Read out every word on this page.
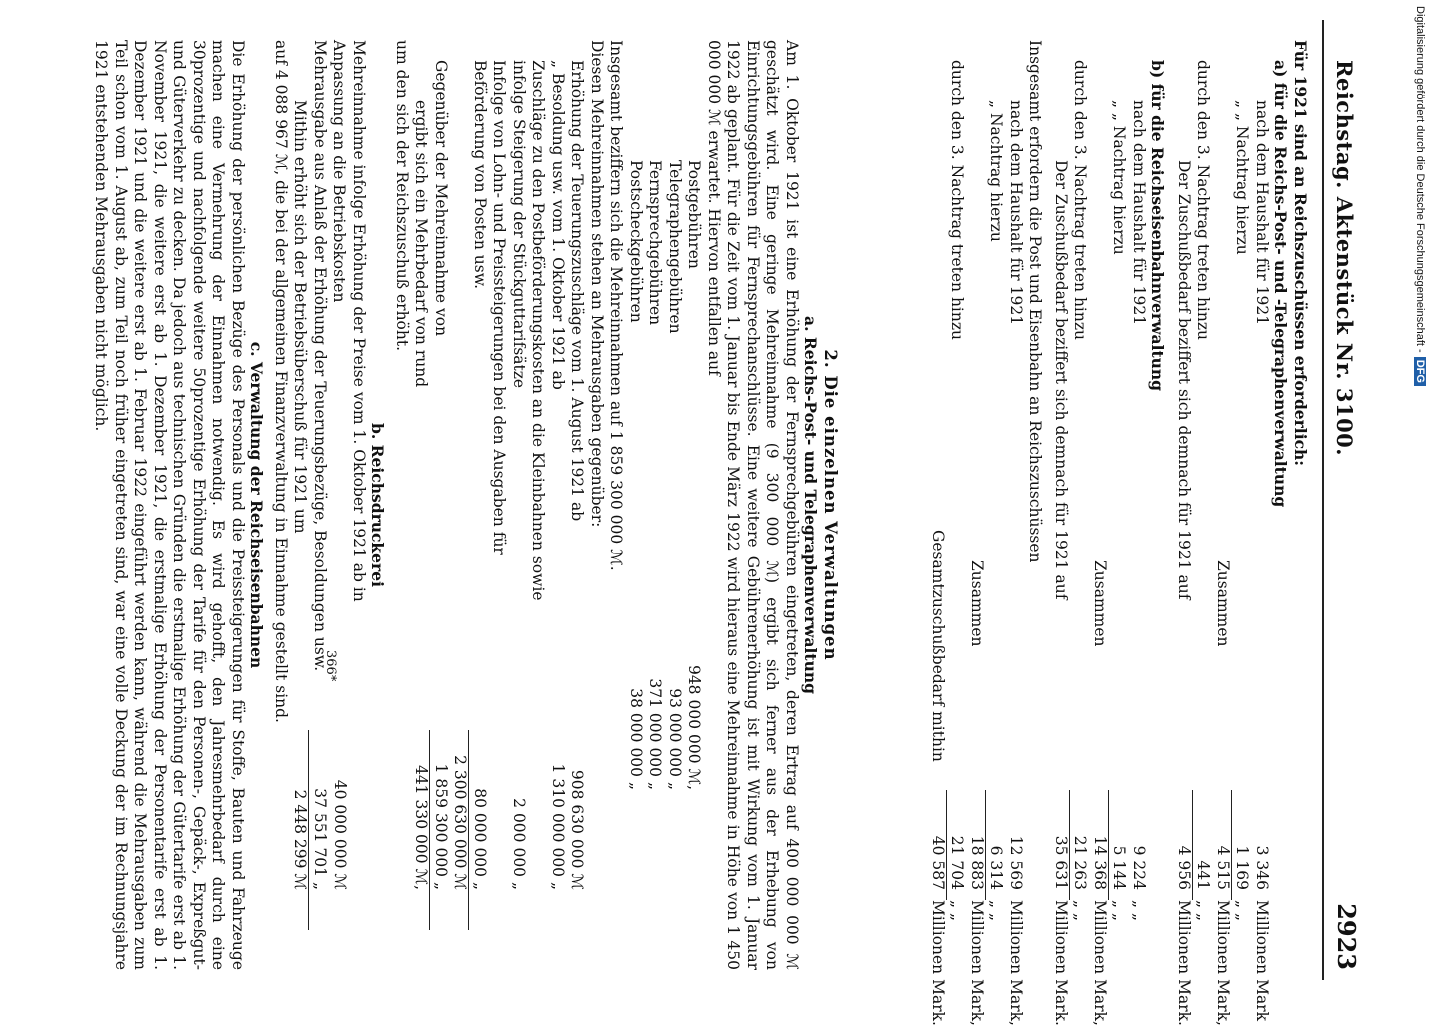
Reichstag. Aktenstück Nr. 3100.
2923
Für 1921 sind an Reichszuschüssen erforderlich:
a) für die Reichs-Post- und -Telegraphenverwaltung
nach dem Haushalt für 1921
3 346
Millionen Mark
„ „ Nachtrag hierzu
1 169
„ „
Zusammen
4 515
Millionen Mark,
durch den 3. Nachtrag treten hinzu
441
„ „
Der Zuschußbedarf beziffert sich demnach für 1921 auf
4 956
Millionen Mark.
b) für die Reichseisenbahnverwaltung
nach dem Haushalt für 1921
9 224
„ „
„ „ Nachtrag hierzu
5 144
„ „
Zusammen
14 368
Millionen Mark,
durch den 3. Nachtrag treten hinzu
21 263
„ „
Der Zuschußbedarf beziffert sich demnach für 1921 auf
35 631
Millionen Mark.
Insgesamt erfordern die Post und Eisenbahn an Reichszuschüssen
nach dem Haushalt für 1921
12 569
Millionen Mark,
„ Nachtrag hierzu
6 314
„ „
Zusammen
18 883
Millionen Mark,
durch den 3. Nachtrag treten hinzu
21 704
„ „
Gesamtzuschußbedarf mithin
40 587
Millionen Mark.
2. Die einzelnen Verwaltungen
a. Reichs-Post- und Telegraphenverwaltung
Am 1. Oktober 1921 ist eine Erhöhung der Fernsprechgebühren eingetreten, deren Ertrag auf 400 000 000 ℳ geschätzt wird. Eine geringe Mehreinnahme (9 300 000 ℳ) ergibt sich ferner aus der Erhebung von Einrichtungsgebühren für Fernsprechanschlüsse. Eine weitere Gebührenerhöhung ist mit Wirkung vom 1. Januar 1922 ab geplant. Für die Zeit vom 1. Januar bis Ende März 1922 wird hieraus eine Mehreinnahme in Höhe von 1 450 000 000 ℳ erwartet. Hiervon entfallen auf
Postgebühren
948 000 000 ℳ,
Telegraphengebühren
93 000 000 „
Fernsprechgebühren
371 000 000 „
Postscheckgebühren
38 000 000 „
Insgesamt beziffern sich die Mehreinnahmen auf 1 859 300 000 ℳ.
Diesen Mehreinnahmen stehen an Mehrausgaben gegenüber:
Erhöhung der Teuerungszuschläge vom 1. August 1921 ab
908 630 000 ℳ
„ Besoldung usw. vom 1. Oktober 1921 ab
1 310 000 000 „
Zuschläge zu den Postbeförderungskosten an die Kleinbahnen sowie infolge Steigerung der Stückguttarifsätze
2 000 000 „
Infolge von Lohn- und Preissteigerungen bei den Ausgaben für Beförderung von Posten usw.
80 000 000 „
2 300 630 000 ℳ
Gegenüber der Mehreinnahme von
1 859 300 000 „
ergibt sich ein Mehrbedarf von rund
441 330 000 ℳ,
um den sich der Reichszuschuß erhöht.
b. Reichsdruckerei
Mehreinnahme infolge Erhöhung der Preise vom 1. Oktober 1921 ab in Anpassung an die Betriebskosten
40 000 000 ℳ
Mehrausgabe aus Anlaß der Erhöhung der Teuerungsbezüge, Besoldungen usw.
37 551 701 „
Mithin erhöht sich der Betriebsüberschuß für 1921 um
2 448 299 ℳ
auf 4 088 967 ℳ, die bei der allgemeinen Finanzverwaltung in Einnahme gestellt sind.
c. Verwaltung der Reichseisenbahnen
Die Erhöhung der persönlichen Bezüge des Personals und die Preissteigerungen für Stoffe, Bauten und Fahrzeuge machen eine Vermehrung der Einnahmen notwendig. Es wird gehofft, den Jahresmehrbedarf durch eine 30prozentige und nachfolgende weitere 50prozentige Erhöhung der Tarife für den Personen-, Gepäck-, Expreßgut- und Güterverkehr zu decken. Da jedoch aus technischen Gründen die erstmalige Erhöhung der Gütertarife erst ab 1. November 1921, die weitere erst ab 1. Dezember 1921, die erstmalige Erhöhung der Personentarife erst ab 1. Dezember 1921 und die weitere erst ab 1. Februar 1922 eingeführt werden kann, während die Mehrausgaben zum Teil schon vom 1. August ab, zum Teil noch früher eingetreten sind, war eine volle Deckung der im Rechnungsjahre 1921 entstehenden Mehrausgaben nicht möglich.
366*
Digitalisierung gefördert durch die Deutsche Forschungsgemeinschaft -DFG
